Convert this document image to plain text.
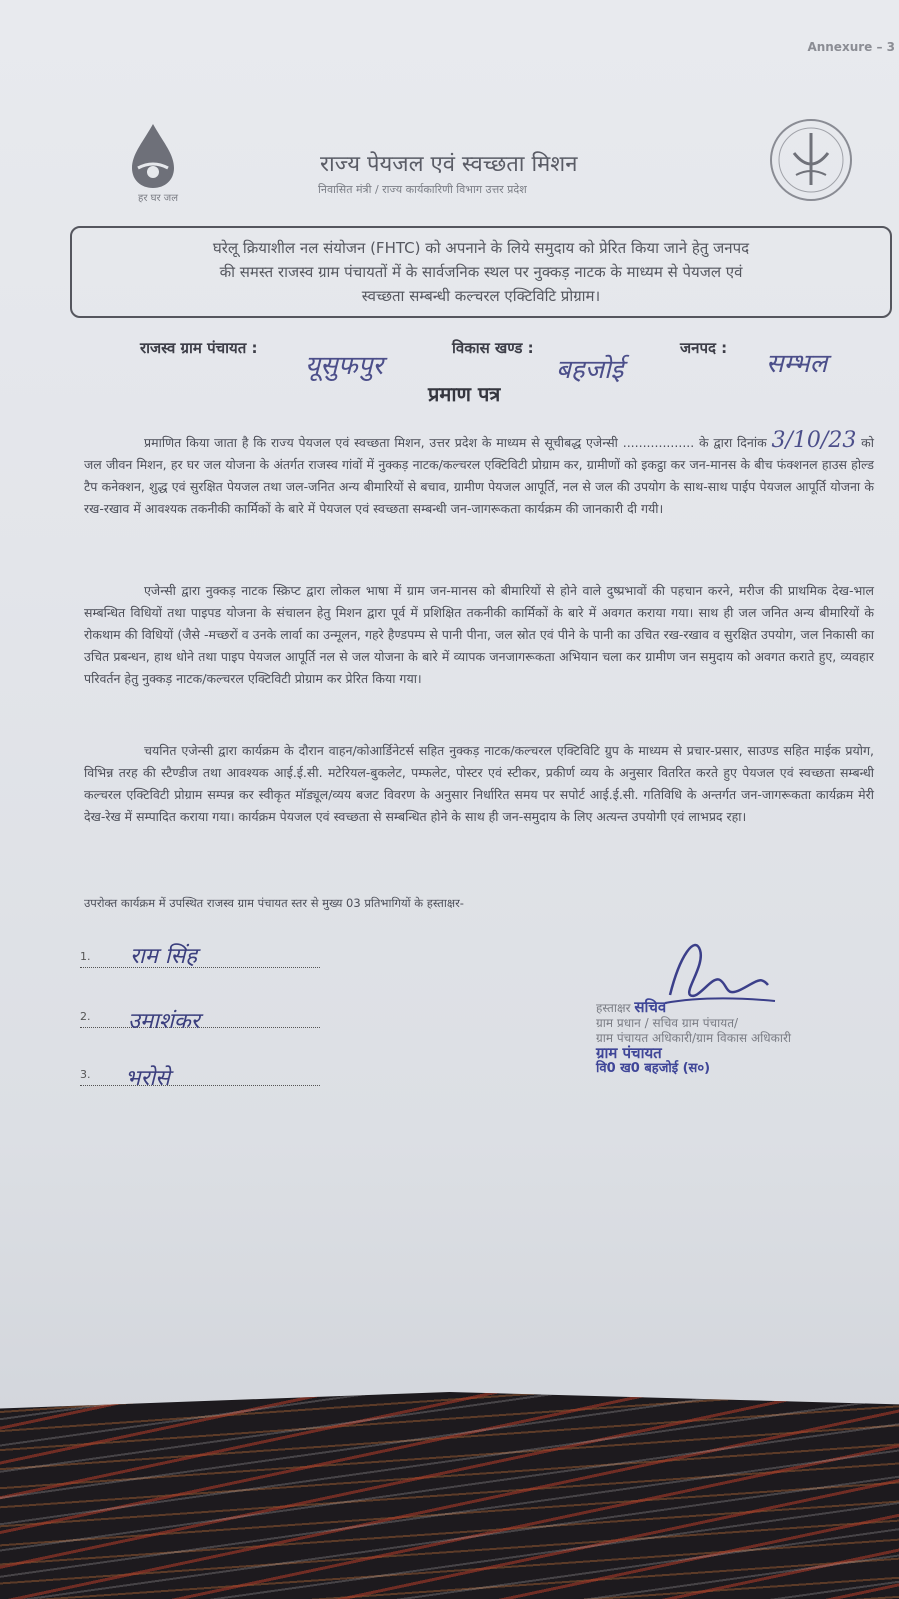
Annexure – 3
हर घर जल
राज्य पेयजल एवं स्वच्छता मिशन
निवासित मंत्री / राज्य कार्यकारिणी विभाग उत्तर प्रदेश
घरेलू क्रियाशील नल संयोजन (FHTC) को अपनाने के लिये समुदाय को प्रेरित किया जाने हेतु जनपद
की समस्त राजस्व ग्राम पंचायतों में के सार्वजनिक स्थल पर नुक्कड़ नाटक के माध्यम से पेयजल एवं
स्वच्छता सम्बन्धी कल्चरल एक्टिविटि प्रोग्राम।
राजस्व ग्राम पंचायत :
यूसुफपुर
विकास खण्ड :
बहजोई
जनपद :
सम्भल
प्रमाण पत्र

प्रमाणित किया जाता है कि राज्य पेयजल एवं स्वच्छता मिशन, उत्तर प्रदेश के माध्यम से सूचीबद्ध एजेन्सी .................. के द्वारा दिनांक 3/10/23 को जल जीवन मिशन, हर घर जल योजना के अंतर्गत राजस्व गांवों में नुक्कड़ नाटक/कल्चरल एक्टिविटी प्रोग्राम कर, ग्रामीणों को इकट्ठा कर जन-मानस के बीच फंक्शनल हाउस होल्ड टैप कनेक्शन, शुद्ध एवं सुरक्षित पेयजल तथा जल-जनित अन्य बीमारियों से बचाव, ग्रामीण पेयजल आपूर्ति, नल से जल की उपयोग के साथ-साथ पाईप पेयजल आपूर्ति योजना के रख-रखाव में आवश्यक तकनीकी कार्मिकों के बारे में पेयजल एवं स्वच्छता सम्बन्धी जन-जागरूकता कार्यक्रम की जानकारी दी गयी।

एजेन्सी द्वारा नुक्कड़ नाटक स्क्रिप्ट द्वारा लोकल भाषा में ग्राम जन-मानस को बीमारियों से होने वाले दुष्प्रभावों की पहचान करने, मरीज की प्राथमिक देख-भाल सम्बन्धित विधियों तथा पाइपड योजना के संचालन हेतु मिशन द्वारा पूर्व में प्रशिक्षित तकनीकी कार्मिकों के बारे में अवगत कराया गया। साथ ही जल जनित अन्य बीमारियों के रोकथाम की विधियों (जैसे -मच्छरों व उनके लार्वा का उन्मूलन, गहरे हैण्डपम्प से पानी पीना, जल स्रोत एवं पीने के पानी का उचित रख-रखाव व सुरक्षित उपयोग, जल निकासी का उचित प्रबन्धन, हाथ धोने तथा पाइप पेयजल आपूर्ति नल से जल योजना के बारे में व्यापक जनजागरूकता अभियान चला कर ग्रामीण जन समुदाय को अवगत कराते हुए, व्यवहार परिवर्तन हेतु नुक्कड़ नाटक/कल्चरल एक्टिविटी प्रोग्राम कर प्रेरित किया गया।

चयनित एजेन्सी द्वारा कार्यक्रम के दौरान वाहन/कोआर्डिनेटर्स सहित नुक्कड़ नाटक/कल्चरल एक्टिविटि ग्रुप के माध्यम से प्रचार-प्रसार, साउण्ड सहित माईक प्रयोग, विभिन्न तरह की स्टैण्डीज तथा आवश्यक आई.ई.सी. मटेरियल-बुकलेट, पम्फलेट, पोस्टर एवं स्टीकर, प्रकीर्ण व्यय के अनुसार वितरित करते हुए पेयजल एवं स्वच्छता सम्बन्धी कल्चरल एक्टिविटी प्रोग्राम सम्पन्न कर स्वीकृत मॉड्यूल/व्यय बजट विवरण के अनुसार निर्धारित समय पर सपोर्ट आई.ई.सी. गतिविधि के अन्तर्गत जन-जागरूकता कार्यक्रम मेरी देख-रेख में सम्पादित कराया गया। कार्यक्रम पेयजल एवं स्वच्छता से सम्बन्धित होने के साथ ही जन-समुदाय के लिए अत्यन्त उपयोगी एवं लाभप्रद रहा।

उपरोक्त कार्यक्रम में उपस्थित राजस्व ग्राम पंचायत स्तर से मुख्य 03 प्रतिभागियों के हस्ताक्षर-
1. राम सिंह
2. उमाशंकर
3. भरोसे
हस्ताक्षर सचिव
ग्राम प्रधान / सचिव ग्राम पंचायत/
ग्राम पंचायत अधिकारी/ग्राम विकास अधिकारी
ग्राम पंचायत
वि0 ख0 बहजोई (स०)
